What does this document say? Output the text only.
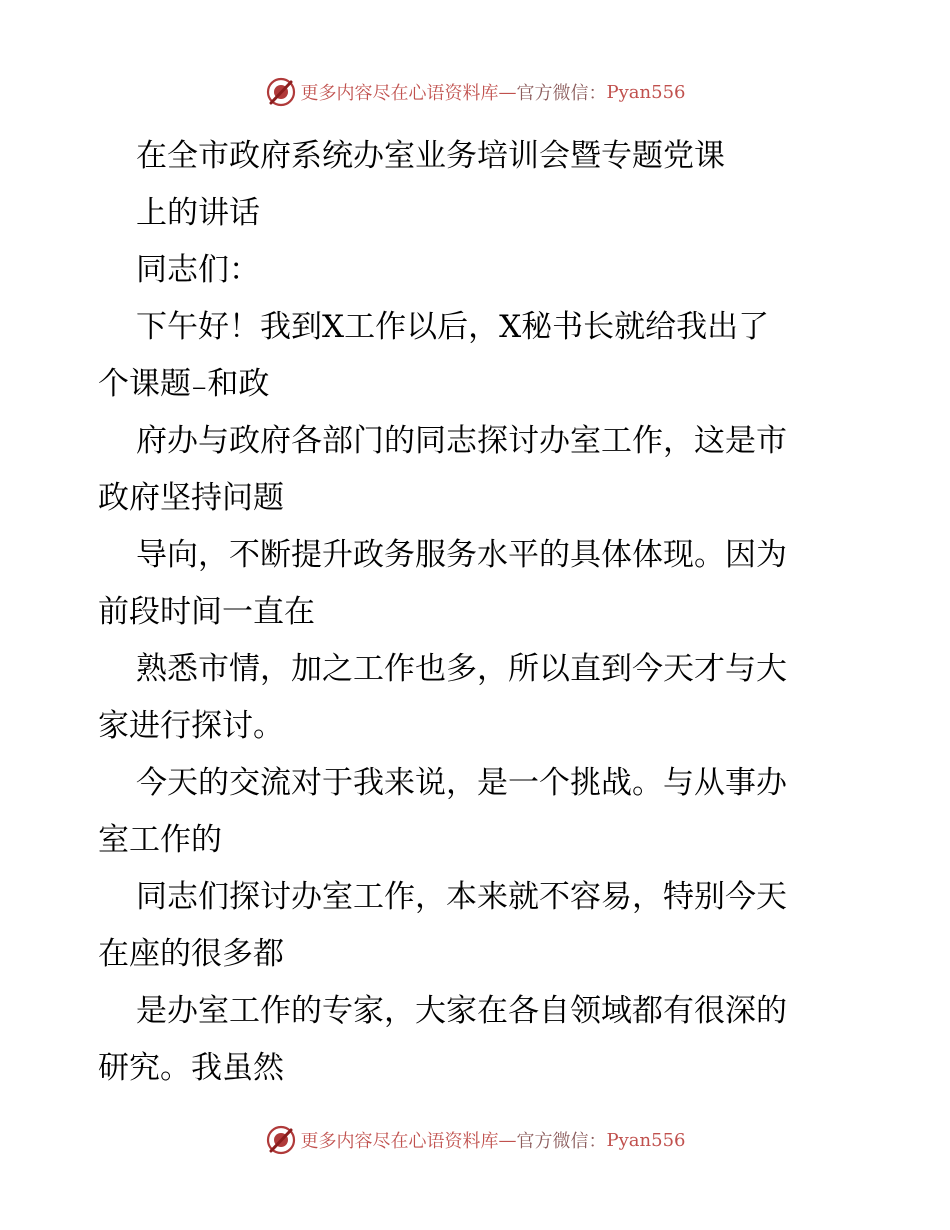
更多内容尽在心语资料库 — 官方微信： Pyan556
在全市政府系统办室业务培训会暨专题党课
上的讲话
同志们：
下午好！我到X工作以后，X秘书长就给我出了
个课题₋和政
府办与政府各部门的同志探讨办室工作，这是市
政府坚持问题
导向，不断提升政务服务水平的具体体现。因为
前段时间一直在
熟悉市情，加之工作也多，所以直到今天才与大
家进行探讨。
今天的交流对于我来说，是一个挑战。与从事办
室工作的
同志们探讨办室工作，本来就不容易，特别今天
在座的很多都
是办室工作的专家，大家在各自领域都有很深的
研究。我虽然
更多内容尽在心语资料库 — 官方微信： Pyan556
